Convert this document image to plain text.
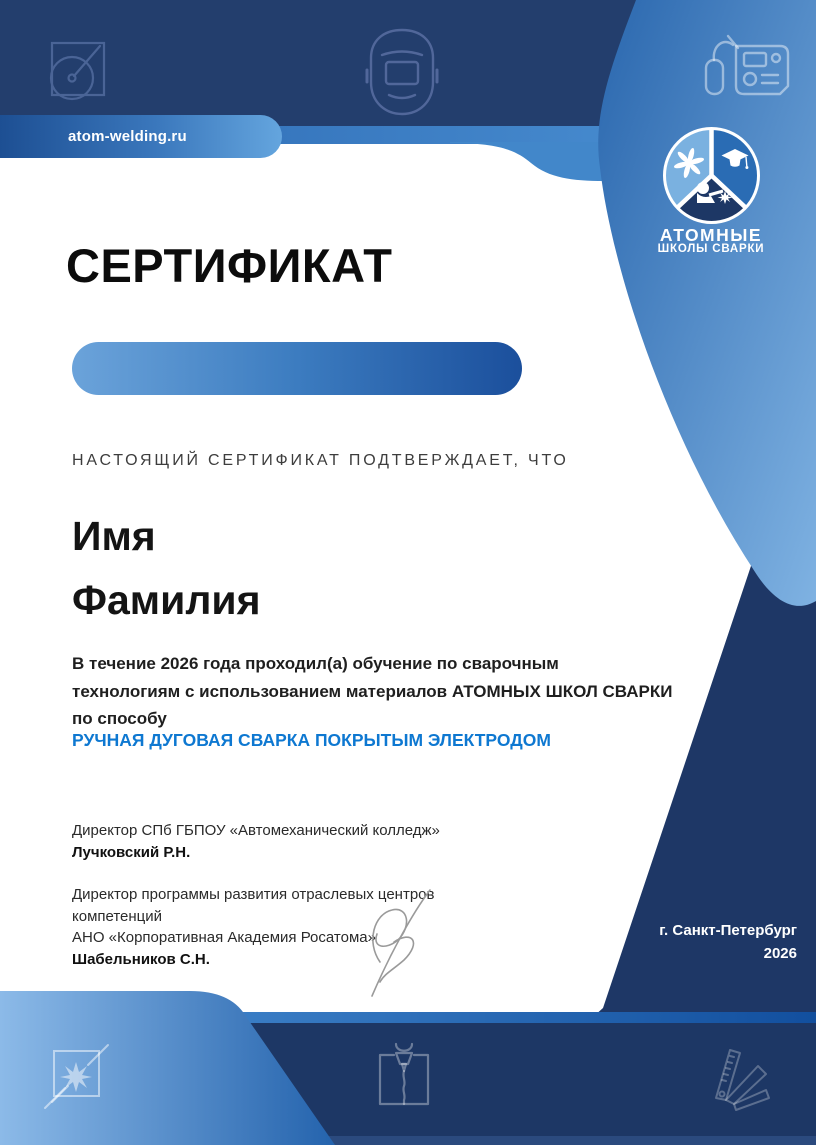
atom-welding.ru
АТОМНЫЕ
ШКОЛЫ СВАРКИ
СЕРТИФИКАТ
НАСТОЯЩИЙ СЕРТИФИКАТ ПОДТВЕРЖДАЕТ, ЧТО
Имя
Фамилия
В течение 2026 года проходил(а) обучение по сварочным
технологиям с использованием материалов АТОМНЫХ ШКОЛ СВАРКИ
по способу
РУЧНАЯ ДУГОВАЯ СВАРКА ПОКРЫТЫМ ЭЛЕКТРОДОМ
Директор СПб ГБПОУ «Автомеханический колледж»
Лучковский Р.Н.
Директор программы развития отраслевых центров
компетенций
АНО «Корпоративная Академия Росатома»
Шабельников С.Н.
г. Санкт-Петербург
2026
